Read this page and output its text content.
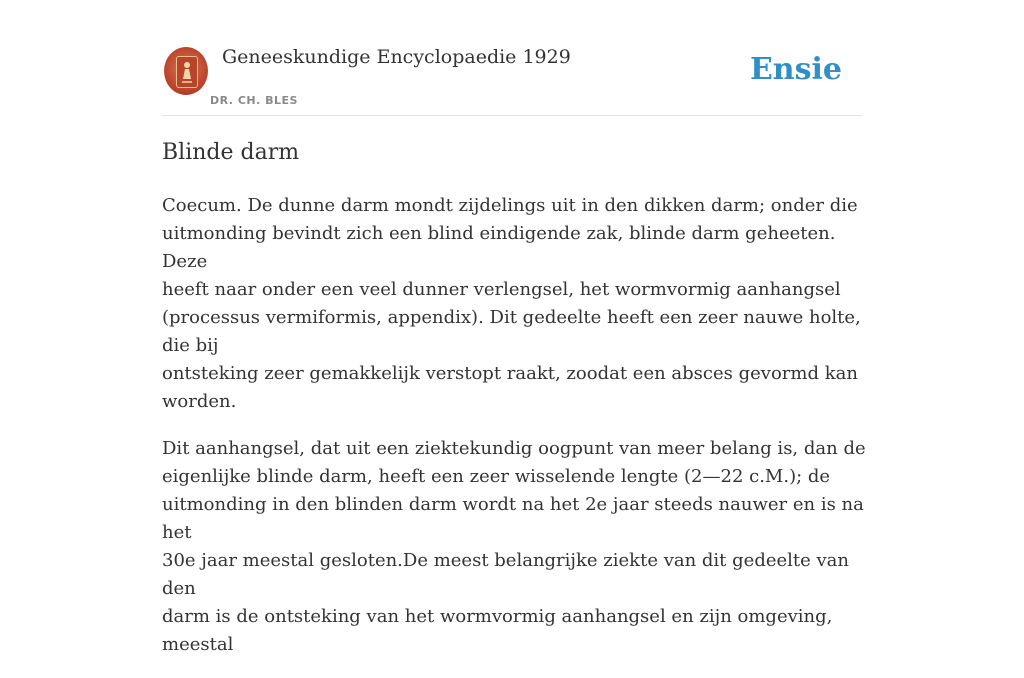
Geneeskundige Encyclopaedie 1929
DR. CH. BLES
Ensie
Blinde darm

Coecum. De dunne darm mondt zijdelings uit in den dikken darm; onder die
uitmonding bevindt zich een blind eindigende zak, blinde darm geheeten. Deze
heeft naar onder een veel dunner verlengsel, het wormvormig aanhangsel
(processus vermiformis, appendix). Dit gedeelte heeft een zeer nauwe holte, die bij
ontsteking zeer gemakkelijk verstopt raakt, zoodat een absces gevormd kan
worden.

Dit aanhangsel, dat uit een ziektekundig oogpunt van meer belang is, dan de
eigenlijke blinde darm, heeft een zeer wisselende lengte (2—22 c.M.); de
uitmonding in den blinden darm wordt na het 2e jaar steeds nauwer en is na het
30e jaar meestal gesloten.De meest belangrijke ziekte van dit gedeelte van den
darm is de ontsteking van het wormvormig aanhangsel en zijn omgeving, meestal
